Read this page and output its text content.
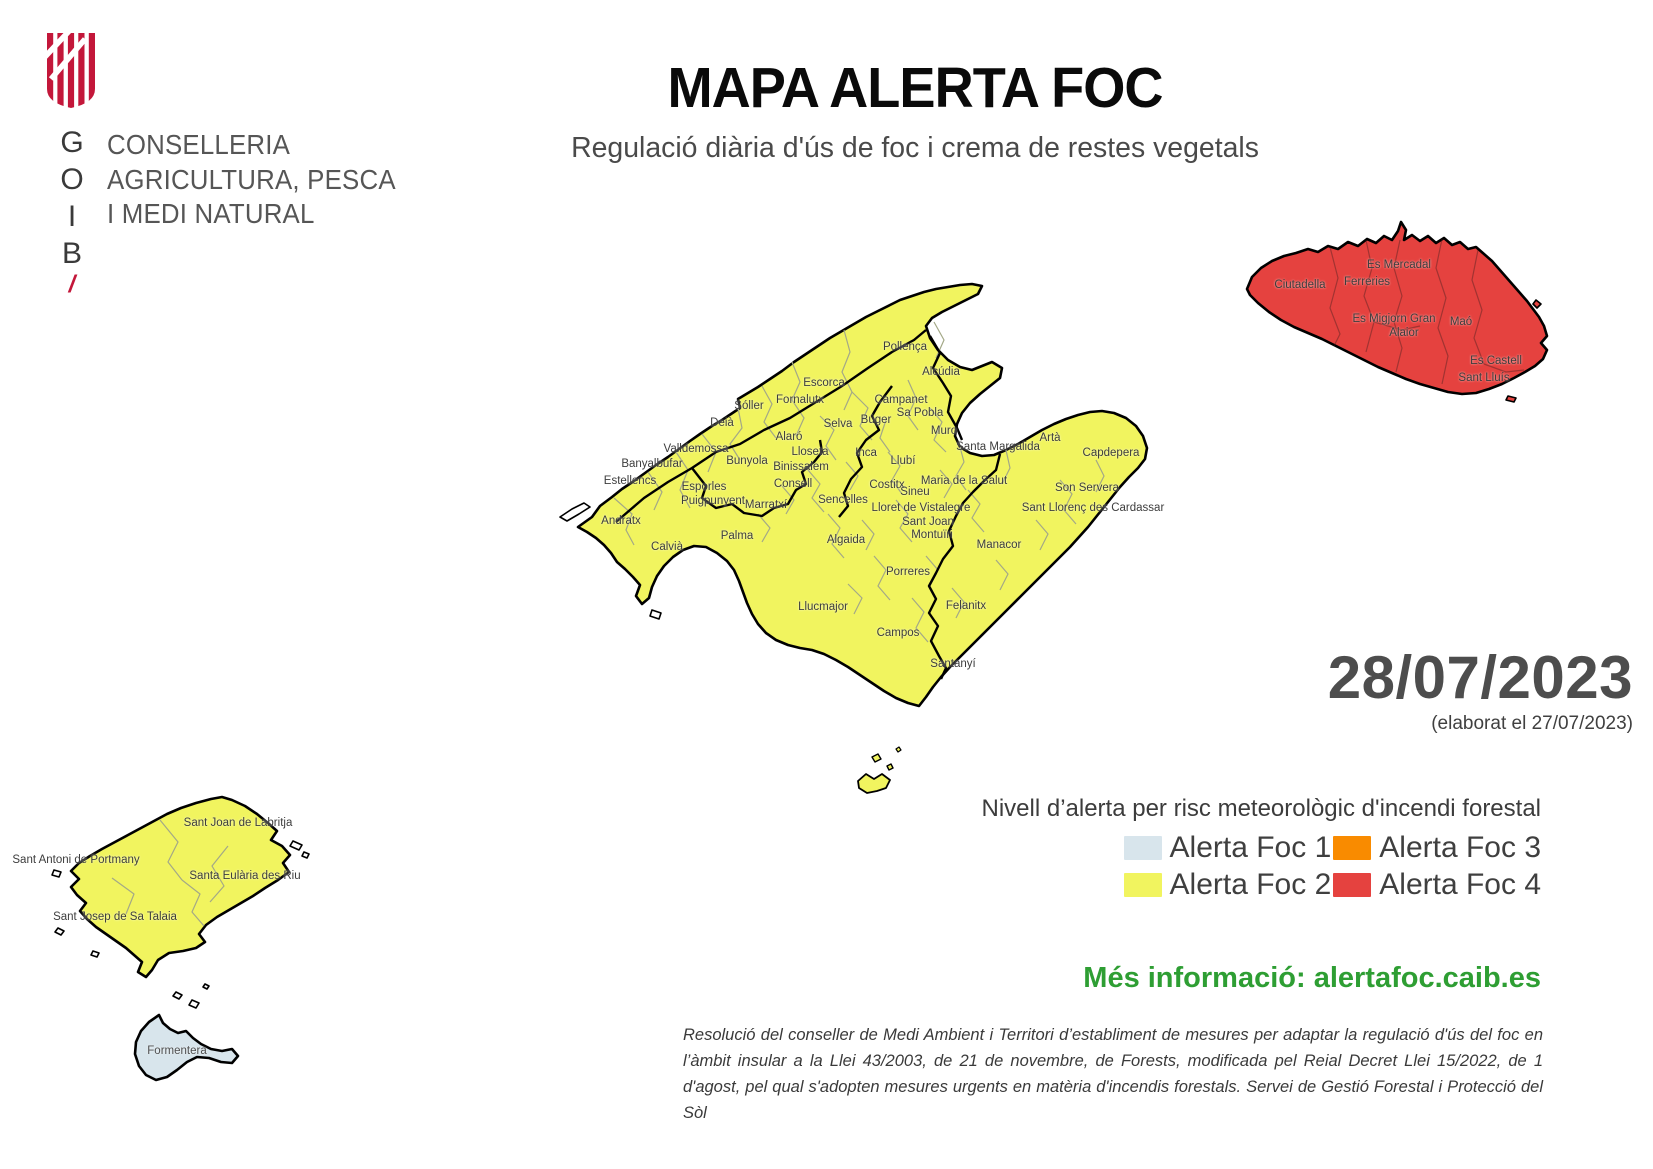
G
O
I
B
/
CONSELLERIA
AGRICULTURA, PESCA
I MEDI NATURAL
MAPA ALERTA FOC

Regulació diària d'ús de foc i crema de restes vegetals

Pollença
Alcúdia
Escorca
Fornalutx
Sóller	Campanet
Sa Pobla
Deià	Búger
Selva
Muro
Santa Margalida
Artà
Alaró
Capdepera
Valldemossa	Lloseta Inca
Bunyola	Llubí
Banyalbufar	Binissalem
Maria de la Salut
Son Servera
Estellencs	Consell	Costitx
Esporles	Sineu
Sant Llorenç des Cardassar
Puigpunyent Marratxí	Sencelles
Lloret de Vistalegre
Sant Joan
Andratx
Montuïri
Palma
Calvià
Algaida	Manacor
Porreres
Llucmajor	Felanitx
Campos
Santanyí
Ciutadella
Es Mercadal
Ferreries
Es Migjorn Gran
Alaior
Maó
Es Castell
Sant Lluís
Sant Joan de Labritja
Sant Antoni de Portmany
Santa Eulària des Riu
Sant Josep de Sa Talaia
Formentera
28/07/2023
(elaborat el 27/07/2023)
Nivell d’alerta per risc meteorològic d'incendi forestal
Alerta Foc 1
Alerta Foc 2
Alerta Foc 3
Alerta Foc 4
Més informació: alertafoc.caib.es

Resolució del conseller de Medi Ambient i Territori d’establiment de mesures per adaptar la regulació d'ús del foc en l’àmbit insular a la Llei 43/2003, de 21 de novembre, de Forests, modificada pel Reial Decret Llei 15/2022, de 1 d'agost, pel qual s'adopten mesures urgents en matèria d'incendis forestals. Servei de Gestió Forestal i Protecció del Sòl
